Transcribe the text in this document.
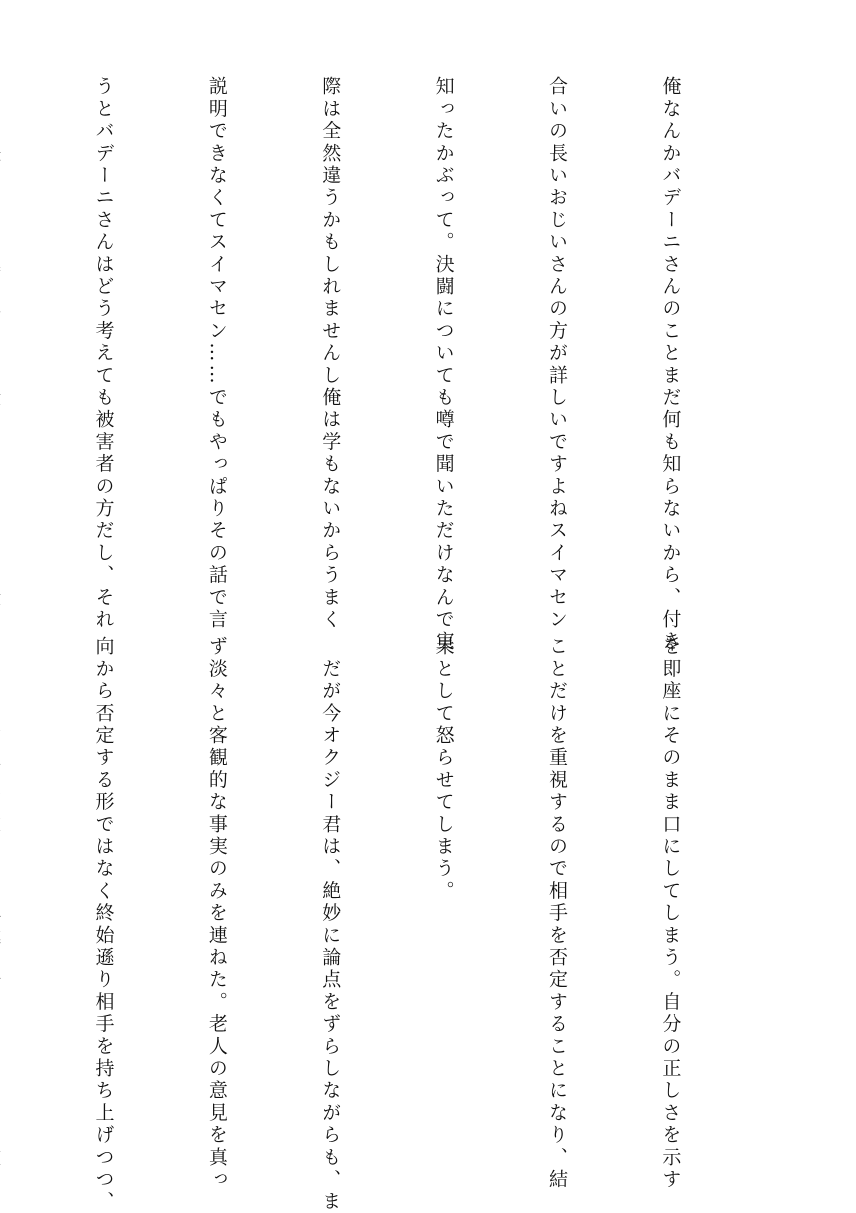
俺なんかバデーニさんのことまだ何も知らないから、付き

合いの長いおじいさんの方が詳しいですよねスイマセン

知ったかぶって。決闘についても噂で聞いただけなんで実

際は全然違うかもしれませんし俺は学もないからうまく

説明できなくてスイマセン……でもやっぱりその話で言

うとバデーニさんはどう考えても被害者の方だし、それ

を即座にそのまま口にしてしまう。自分の正しさを示す

ことだけを重視するので相手を否定することになり、結

果として怒らせてしまう。

　だが今オクジー君は、絶妙に論点をずらしながらも、ま

ず淡々と客観的な事実のみを連ねた。老人の意見を真っ

向から否定する形ではなく終始遜り相手を持ち上げつつ、
